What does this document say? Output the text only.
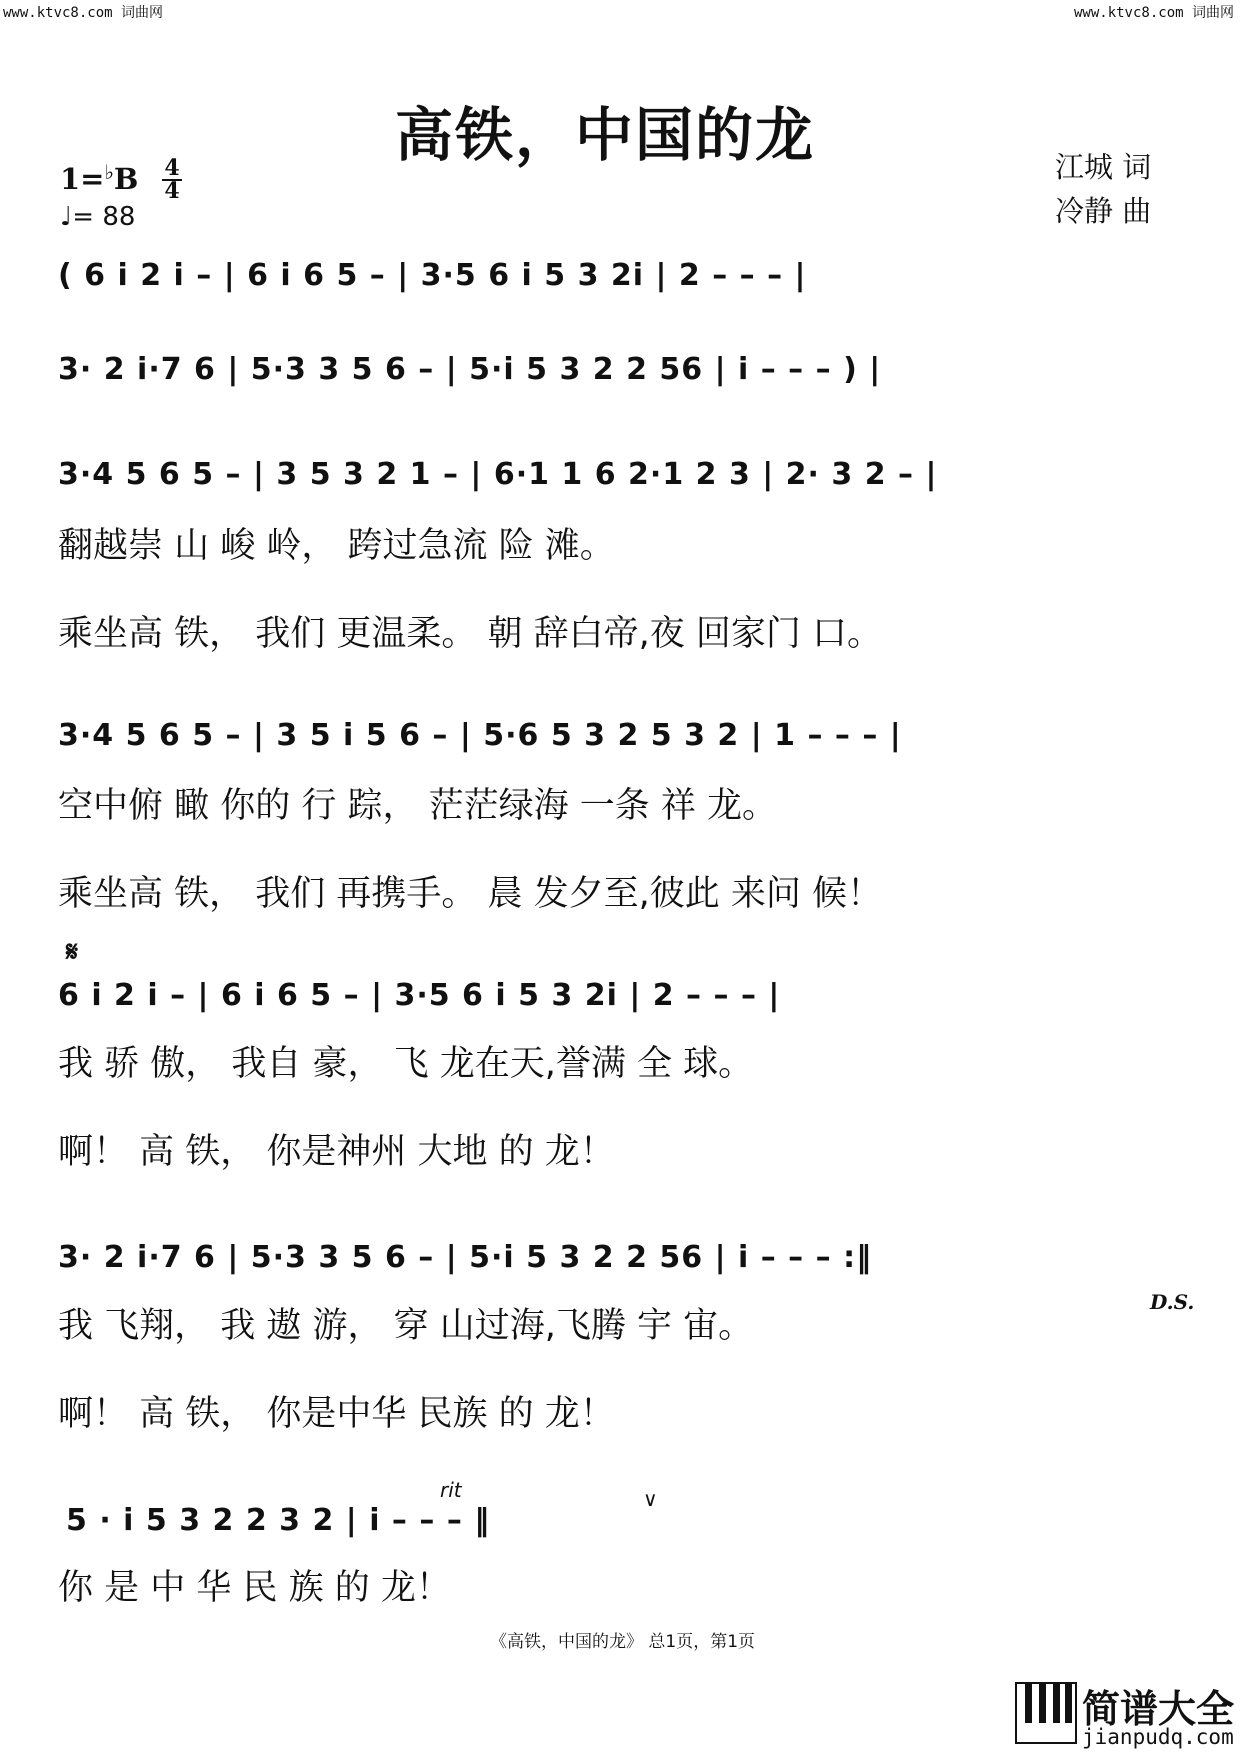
www.ktvc8.com 词曲网	www.ktvc8.com 词曲网
高铁，中国的龙	江城 词
冷静 曲
1=♭B 4
4
♩= 88
( 6 i 2 i – | 6 i 6 5 – | 3·5 6 i 5 3 2i | 2 – – – |
3· 2 i·7 6 | 5·3 3 5 6 – | 5·i 5 3 2 2 56 | i – – – ) |
3·4 5 6 5 – | 3 5 3 2 1 – | 6·1 1 6 2·1 2 3 | 2· 3 2 – |
翻越崇 山 峻 岭， 跨过急流 险 滩。
乘坐高 铁， 我们 更温柔。 朝 辞白帝,夜 回家门 口。
3·4 5 6 5 – | 3 5 i 5 6 – | 5·6 5 3 2 5 3 2 | 1 – – – |
空中俯 瞰 你的 行 踪， 茫茫绿海 一条 祥 龙。
乘坐高 铁， 我们 再携手。 晨 发夕至,彼此 来问 候！
𝄋
6 i 2 i – | 6 i 6 5 – | 3·5 6 i 5 3 2i | 2 – – – |
我 骄 傲， 我自 豪， 飞 龙在天,誉满 全 球。
啊！ 高 铁， 你是神州 大地 的 龙！
3· 2 i·7 6 | 5·3 3 5 6 – | 5·i 5 3 2 2 56 | i – – – :‖
D.S.
我 飞翔， 我 遨 游， 穿 山过海,飞腾 宇 宙。
啊！ 高 铁， 你是中华 民族 的 龙！
rit	∨
5 · i 5 3 2 2 3 2 | i – – – ‖
你 是 中 华 民 族 的 龙！
《高铁，中国的龙》 总1页，第1页
简谱大全
jianpudq.com
